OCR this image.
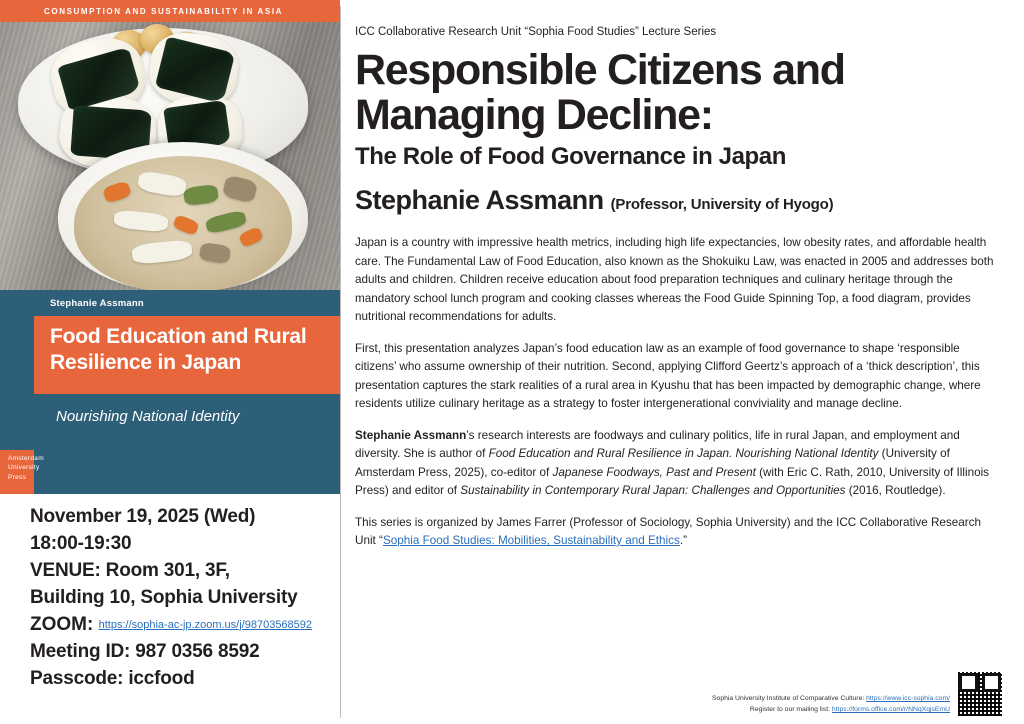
CONSUMPTION AND SUSTAINABILITY IN ASIA
Stephanie Assmann
Food Education and Rural Resilience in Japan
Nourishing National Identity
Amsterdam
University
Press
November 19, 2025 (Wed)
18:00-19:30
VENUE: Room 301, 3F,
Building 10, Sophia University
ZOOM: https://sophia-ac-jp.zoom.us/j/98703568592
Meeting ID: 987 0356 8592
Passcode: iccfood
ICC Collaborative Research Unit “Sophia Food Studies” Lecture Series
Responsible Citizens and
Managing Decline:
The Role of Food Governance in Japan
Stephanie Assmann (Professor, University of Hyogo)

Japan is a country with impressive health metrics, including high life expectancies, low obesity rates, and affordable health care. The Fundamental Law of Food Education, also known as the Shokuiku Law, was enacted in 2005 and addresses both adults and children. Children receive education about food preparation techniques and culinary heritage through the mandatory school lunch program and cooking classes whereas the Food Guide Spinning Top, a food diagram, provides nutritional recommendations for adults.

First, this presentation analyzes Japan’s food education law as an example of food governance to shape ‘responsible citizens’ who assume ownership of their nutrition. Second, applying Clifford Geertz’s approach of a ‘thick description’, this presentation captures the stark realities of a rural area in Kyushu that has been impacted by demographic change, where residents utilize culinary heritage as a strategy to foster intergenerational conviviality and manage decline.

Stephanie Assmann’s research interests are foodways and culinary politics, life in rural Japan, and employment and diversity. She is author of Food Education and Rural Resilience in Japan. Nourishing National Identity (University of Amsterdam Press, 2025), co-editor of Japanese Foodways, Past and Present (with Eric C. Rath, 2010, University of Illinois Press) and editor of Sustainability in Contemporary Rural Japan: Challenges and Opportunities (2016, Routledge).

This series is organized by James Farrer (Professor of Sociology, Sophia University) and the ICC Collaborative Research Unit “Sophia Food Studies: Mobilities, Sustainability and Ethics.”

Sophia University Institute of Comparative Culture: https://www.icc-sophia.com/
Register to our mailing list: https://forms.office.com/r/NNqXqjsEmU
